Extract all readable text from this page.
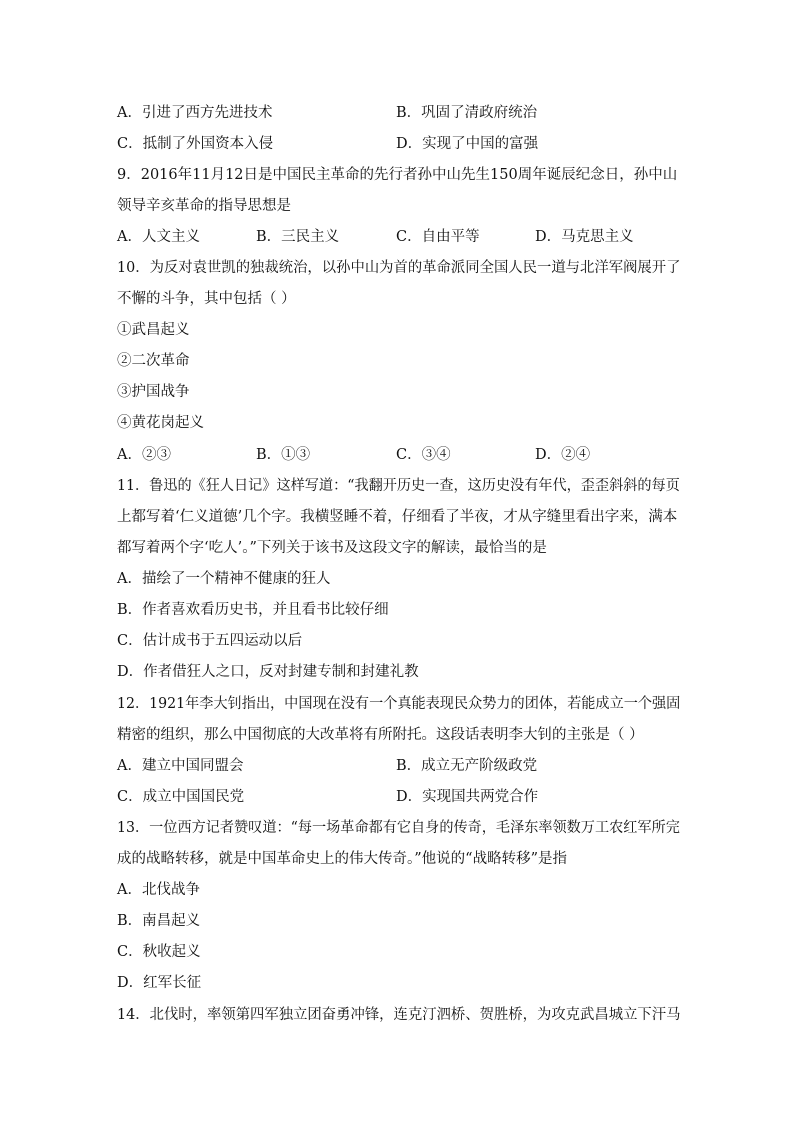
A．引进了西方先进技术	B．巩固了清政府统治
C．抵制了外国资本入侵	D．实现了中国的富强
9．2016年11月12日是中国民主革命的先行者孙中山先生150周年诞辰纪念日，孙中山
领导辛亥革命的指导思想是
A．人文主义	B．三民主义	C．自由平等	D．马克思主义
10．为反对袁世凯的独裁统治，以孙中山为首的革命派同全国人民一道与北洋军阀展开了
不懈的斗争，其中包括（ ）
①武昌起义
②二次革命
③护国战争
④黄花岗起义
A．②③	B．①③	C．③④	D．②④
11．鲁迅的《狂人日记》这样写道：“我翻开历史一查，这历史没有年代，歪歪斜斜的每页
上都写着‘仁义道德’几个字。我横竖睡不着，仔细看了半夜，才从字缝里看出字来，满本
都写着两个字‘吃人’。”下列关于该书及这段文字的解读，最恰当的是
A．描绘了一个精神不健康的狂人
B．作者喜欢看历史书，并且看书比较仔细
C．估计成书于五四运动以后
D．作者借狂人之口，反对封建专制和封建礼教
12．1921年李大钊指出，中国现在没有一个真能表现民众势力的团体，若能成立一个强固
精密的组织，那么中国彻底的大改革将有所附托。这段话表明李大钊的主张是（ ）
A．建立中国同盟会	B．成立无产阶级政党
C．成立中国国民党	D．实现国共两党合作
13．一位西方记者赞叹道：“每一场革命都有它自身的传奇，毛泽东率领数万工农红军所完
成的战略转移，就是中国革命史上的伟大传奇。”他说的“战略转移”是指
A．北伐战争
B．南昌起义
C．秋收起义
D．红军长征
14．北伐时，率领第四军独立团奋勇冲锋，连克汀泗桥、贺胜桥，为攻克武昌城立下汗马
